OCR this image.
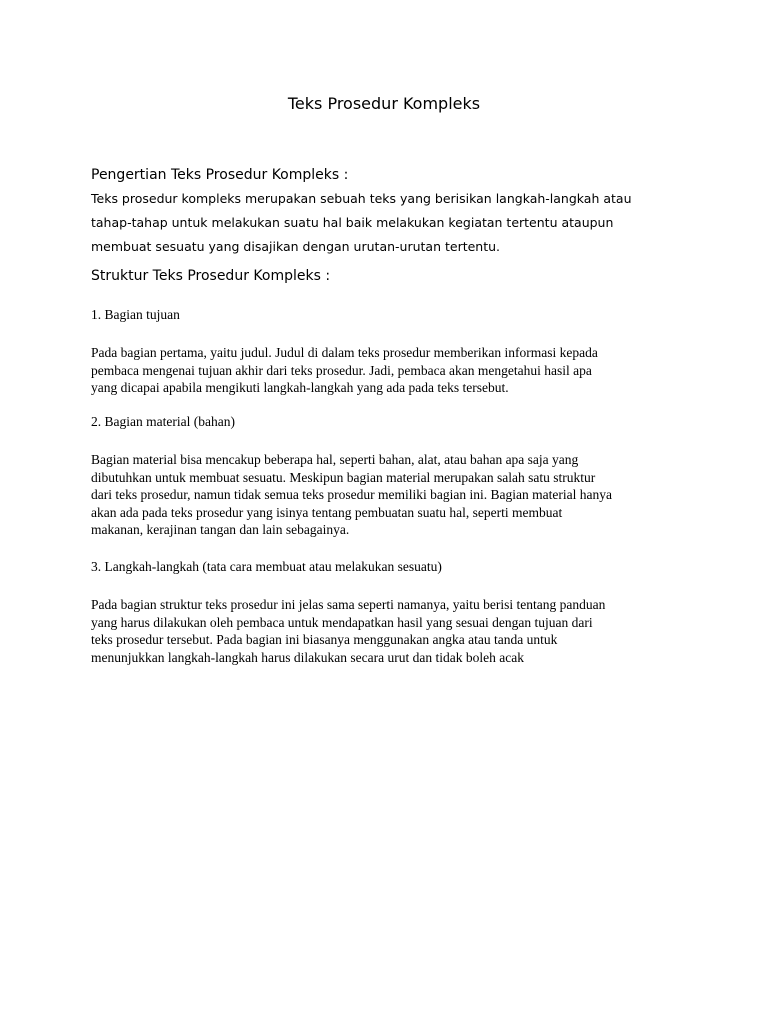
Teks Prosedur Kompleks
Pengertian Teks Prosedur Kompleks :

Teks prosedur kompleks merupakan sebuah teks yang berisikan langkah-langkah atau
tahap-tahap untuk melakukan suatu hal baik melakukan kegiatan tertentu ataupun
membuat sesuatu yang disajikan dengan urutan-urutan tertentu.

Struktur Teks Prosedur Kompleks :

1. Bagian tujuan

Pada bagian pertama, yaitu judul. Judul di dalam teks prosedur memberikan informasi kepada
pembaca mengenai tujuan akhir dari teks prosedur. Jadi, pembaca akan mengetahui hasil apa
yang dicapai apabila mengikuti langkah-langkah yang ada pada teks tersebut.

2. Bagian material (bahan)

Bagian material bisa mencakup beberapa hal, seperti bahan, alat, atau bahan apa saja yang
dibutuhkan untuk membuat sesuatu. Meskipun bagian material merupakan salah satu struktur
dari teks prosedur, namun tidak semua teks prosedur memiliki bagian ini. Bagian material hanya
akan ada pada teks prosedur yang isinya tentang pembuatan suatu hal, seperti membuat
makanan, kerajinan tangan dan lain sebagainya.

3. Langkah-langkah (tata cara membuat atau melakukan sesuatu)

Pada bagian struktur teks prosedur ini jelas sama seperti namanya, yaitu berisi tentang panduan
yang harus dilakukan oleh pembaca untuk mendapatkan hasil yang sesuai dengan tujuan dari
teks prosedur tersebut. Pada bagian ini biasanya menggunakan angka atau tanda untuk
menunjukkan langkah-langkah harus dilakukan secara urut dan tidak boleh acak
